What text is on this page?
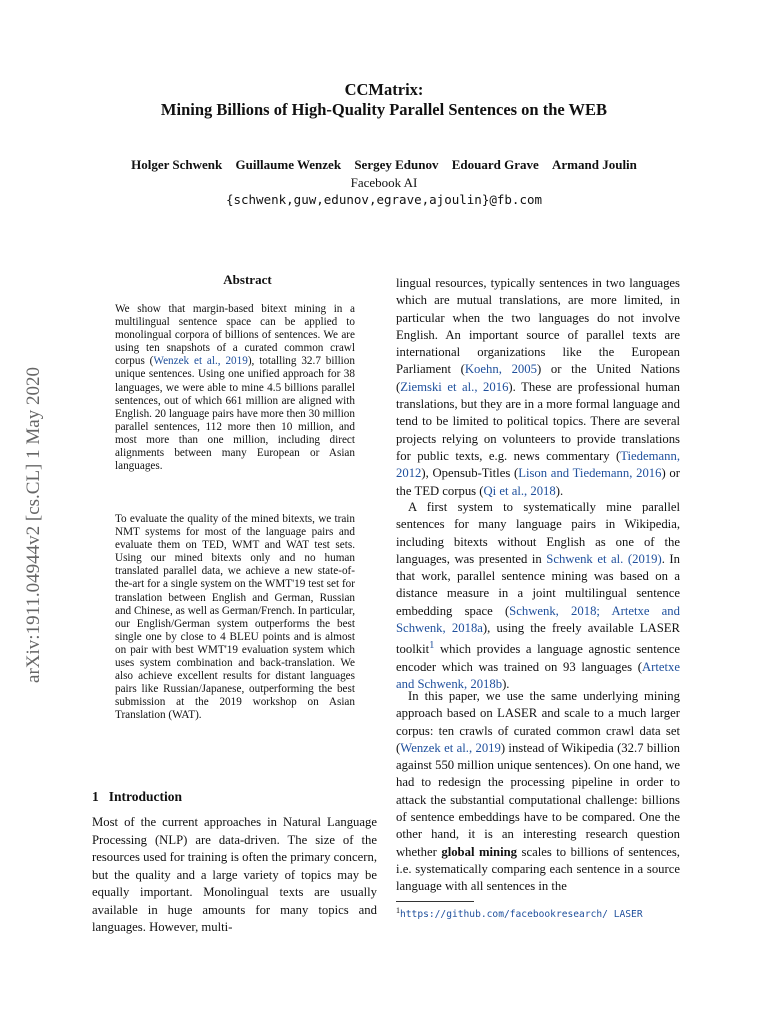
CCMatrix:
Mining Billions of High-Quality Parallel Sentences on the WEB
Holger Schwenk Guillaume Wenzek Sergey Edunov Edouard Grave Armand Joulin
Facebook AI
{schwenk,guw,edunov,egrave,ajoulin}@fb.com
arXiv:1911.04944v2 [cs.CL] 1 May 2020
Abstract

We show that margin-based bitext mining in a multilingual sentence space can be applied to monolingual corpora of billions of sentences. We are using ten snapshots of a curated common crawl corpus (Wenzek et al., 2019), totalling 32.7 billion unique sentences. Using one unified approach for 38 languages, we were able to mine 4.5 billions parallel sentences, out of which 661 million are aligned with English. 20 language pairs have more then 30 million parallel sentences, 112 more then 10 million, and most more than one million, including direct alignments between many European or Asian languages.

To evaluate the quality of the mined bitexts, we train NMT systems for most of the language pairs and evaluate them on TED, WMT and WAT test sets. Using our mined bitexts only and no human translated parallel data, we achieve a new state-of-the-art for a single system on the WMT'19 test set for translation between English and German, Russian and Chinese, as well as German/French. In particular, our English/German system outperforms the best single one by close to 4 BLEU points and is almost on pair with best WMT'19 evaluation system which uses system combination and back-translation. We also achieve excellent results for distant languages pairs like Russian/Japanese, outperforming the best submission at the 2019 workshop on Asian Translation (WAT).

1 Introduction

Most of the current approaches in Natural Language Processing (NLP) are data-driven. The size of the resources used for training is often the primary concern, but the quality and a large variety of topics may be equally important. Monolingual texts are usually available in huge amounts for many topics and languages. However, multi-

lingual resources, typically sentences in two languages which are mutual translations, are more limited, in particular when the two languages do not involve English. An important source of parallel texts are international organizations like the European Parliament (Koehn, 2005) or the United Nations (Ziemski et al., 2016). These are professional human translations, but they are in a more formal language and tend to be limited to political topics. There are several projects relying on volunteers to provide translations for public texts, e.g. news commentary (Tiedemann, 2012), Opensub-Titles (Lison and Tiedemann, 2016) or the TED corpus (Qi et al., 2018).

A first system to systematically mine parallel sentences for many language pairs in Wikipedia, including bitexts without English as one of the languages, was presented in Schwenk et al. (2019). In that work, parallel sentence mining was based on a distance measure in a joint multilingual sentence embedding space (Schwenk, 2018; Artetxe and Schwenk, 2018a), using the freely available LASER toolkit$^1$ which provides a language agnostic sentence encoder which was trained on 93 languages (Artetxe and Schwenk, 2018b).

In this paper, we use the same underlying mining approach based on LASER and scale to a much larger corpus: ten crawls of curated common crawl data set (Wenzek et al., 2019) instead of Wikipedia (32.7 billion against 550 million unique sentences). On one hand, we had to redesign the processing pipeline in order to attack the substantial computational challenge: billions of sentence embeddings have to be compared. One the other hand, it is an interesting research question whether global mining scales to billions of sentences, i.e. systematically comparing each sentence in a source language with all sentences in the

$^1$https://github.com/facebookresearch/ LASER
